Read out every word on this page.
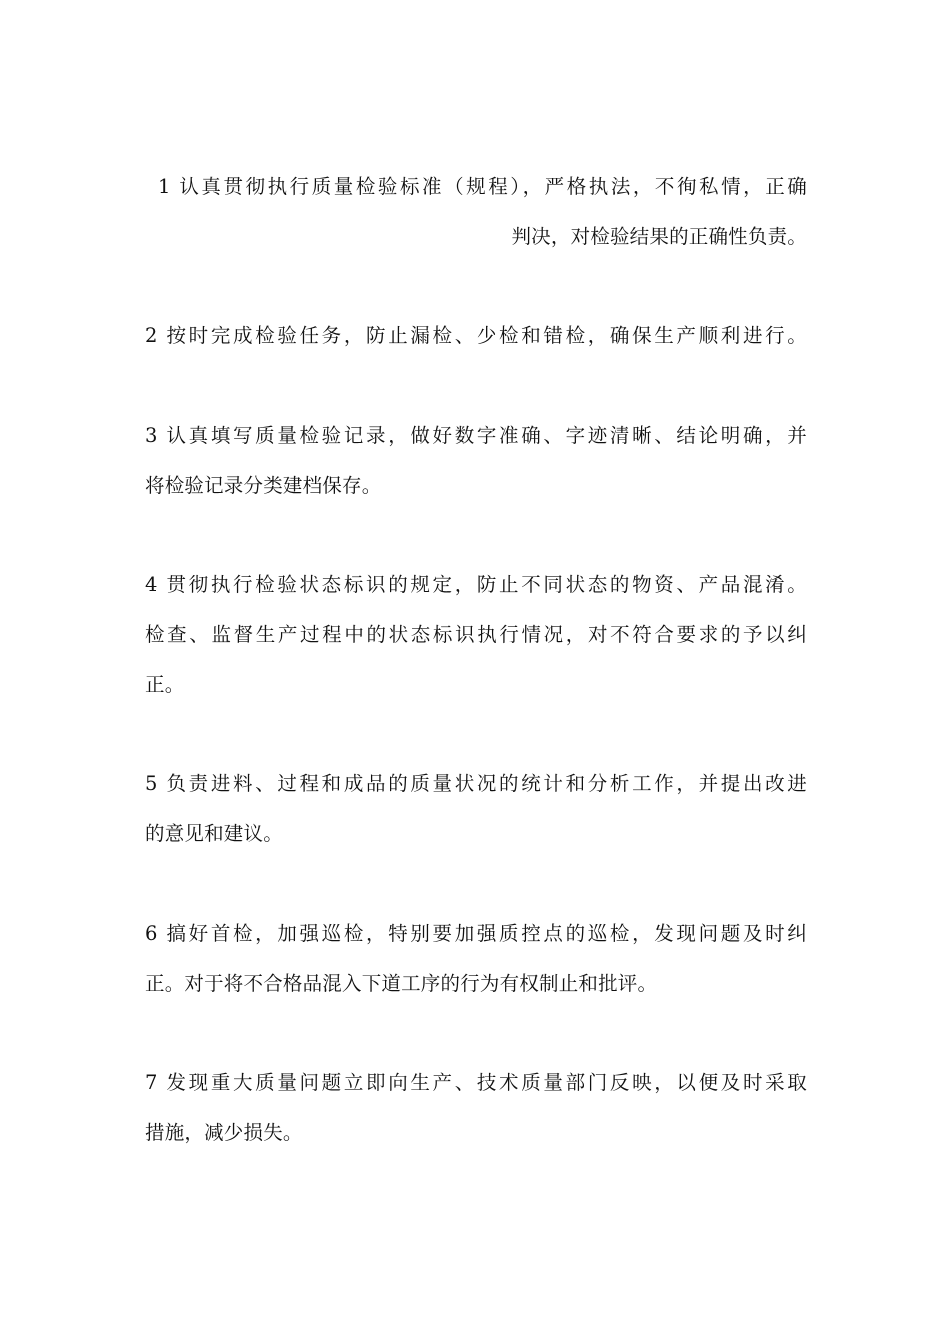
1 认真贯彻执行质量检验标准（规程），严格执法，不徇私情，正确
判决，对检验结果的正确性负责。
2 按时完成检验任务，防止漏检、少检和错检，确保生产顺利进行。
3 认真填写质量检验记录，做好数字准确、字迹清晰、结论明确，并
将检验记录分类建档保存。
4 贯彻执行检验状态标识的规定，防止不同状态的物资、产品混淆。
检查、监督生产过程中的状态标识执行情况，对不符合要求的予以纠
正。
5 负责进料、过程和成品的质量状况的统计和分析工作，并提出改进
的意见和建议。
6 搞好首检，加强巡检，特别要加强质控点的巡检，发现问题及时纠
正。对于将不合格品混入下道工序的行为有权制止和批评。
7 发现重大质量问题立即向生产、技术质量部门反映，以便及时采取
措施，减少损失。
